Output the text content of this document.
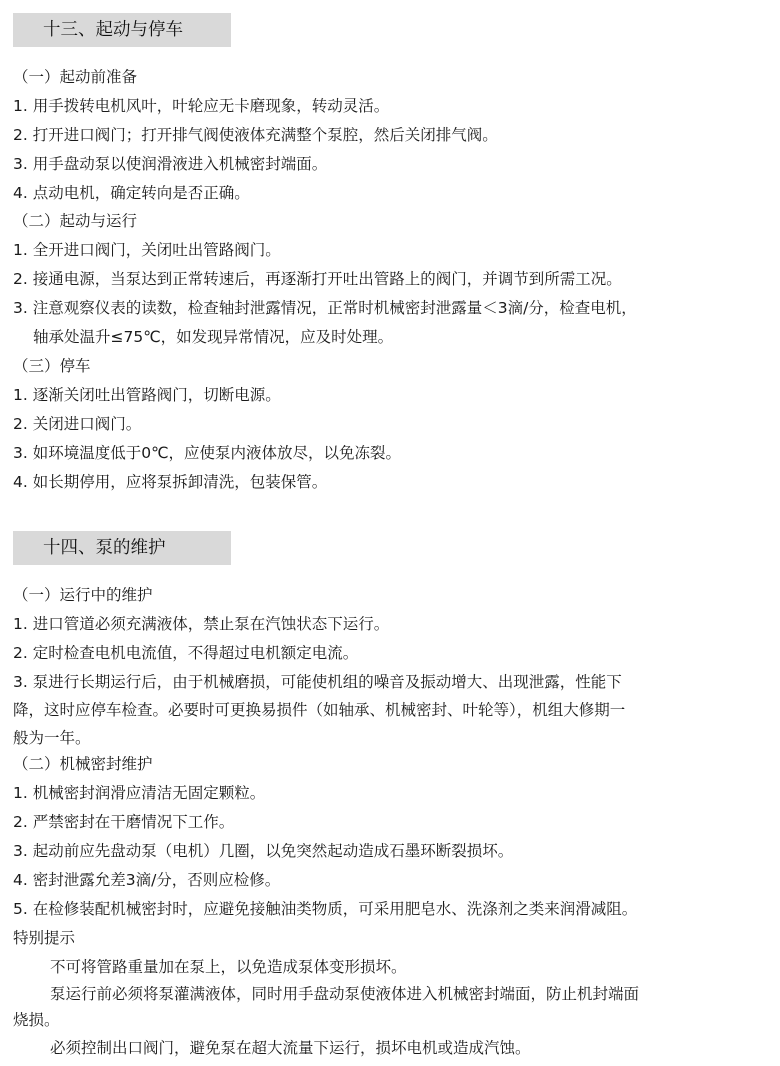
十三、起动与停车
（一）起动前准备
1. 用手拨转电机风叶，叶轮应无卡磨现象，转动灵活。
2. 打开进口阀门；打开排气阀使液体充满整个泵腔，然后关闭排气阀。
3. 用手盘动泵以使润滑液进入机械密封端面。
4. 点动电机，确定转向是否正确。
（二）起动与运行
1. 全开进口阀门，关闭吐出管路阀门。
2. 接通电源，当泵达到正常转速后，再逐渐打开吐出管路上的阀门，并调节到所需工况。
3. 注意观察仪表的读数，检查轴封泄露情况，正常时机械密封泄露量＜3滴/分，检查电机，
轴承处温升≤75℃，如发现异常情况，应及时处理。
（三）停车
1. 逐渐关闭吐出管路阀门，切断电源。
2. 关闭进口阀门。
3. 如环境温度低于0℃，应使泵内液体放尽，以免冻裂。
4. 如长期停用，应将泵拆卸清洗，包装保管。
十四、泵的维护
（一）运行中的维护
1. 进口管道必须充满液体，禁止泵在汽蚀状态下运行。
2. 定时检查电机电流值，不得超过电机额定电流。
3. 泵进行长期运行后，由于机械磨损，可能使机组的噪音及振动增大、出现泄露，性能下
降，这时应停车检查。必要时可更换易损件（如轴承、机械密封、叶轮等），机组大修期一
般为一年。
（二）机械密封维护
1. 机械密封润滑应清洁无固定颗粒。
2. 严禁密封在干磨情况下工作。
3. 起动前应先盘动泵（电机）几圈，以免突然起动造成石墨环断裂损坏。
4. 密封泄露允差3滴/分，否则应检修。
5. 在检修装配机械密封时，应避免接触油类物质，可采用肥皂水、洗涤剂之类来润滑减阻。
特别提示
不可将管路重量加在泵上，以免造成泵体变形损坏。
泵运行前必须将泵灌满液体，同时用手盘动泵使液体进入机械密封端面，防止机封端面
烧损。
必须控制出口阀门，避免泵在超大流量下运行，损坏电机或造成汽蚀。
